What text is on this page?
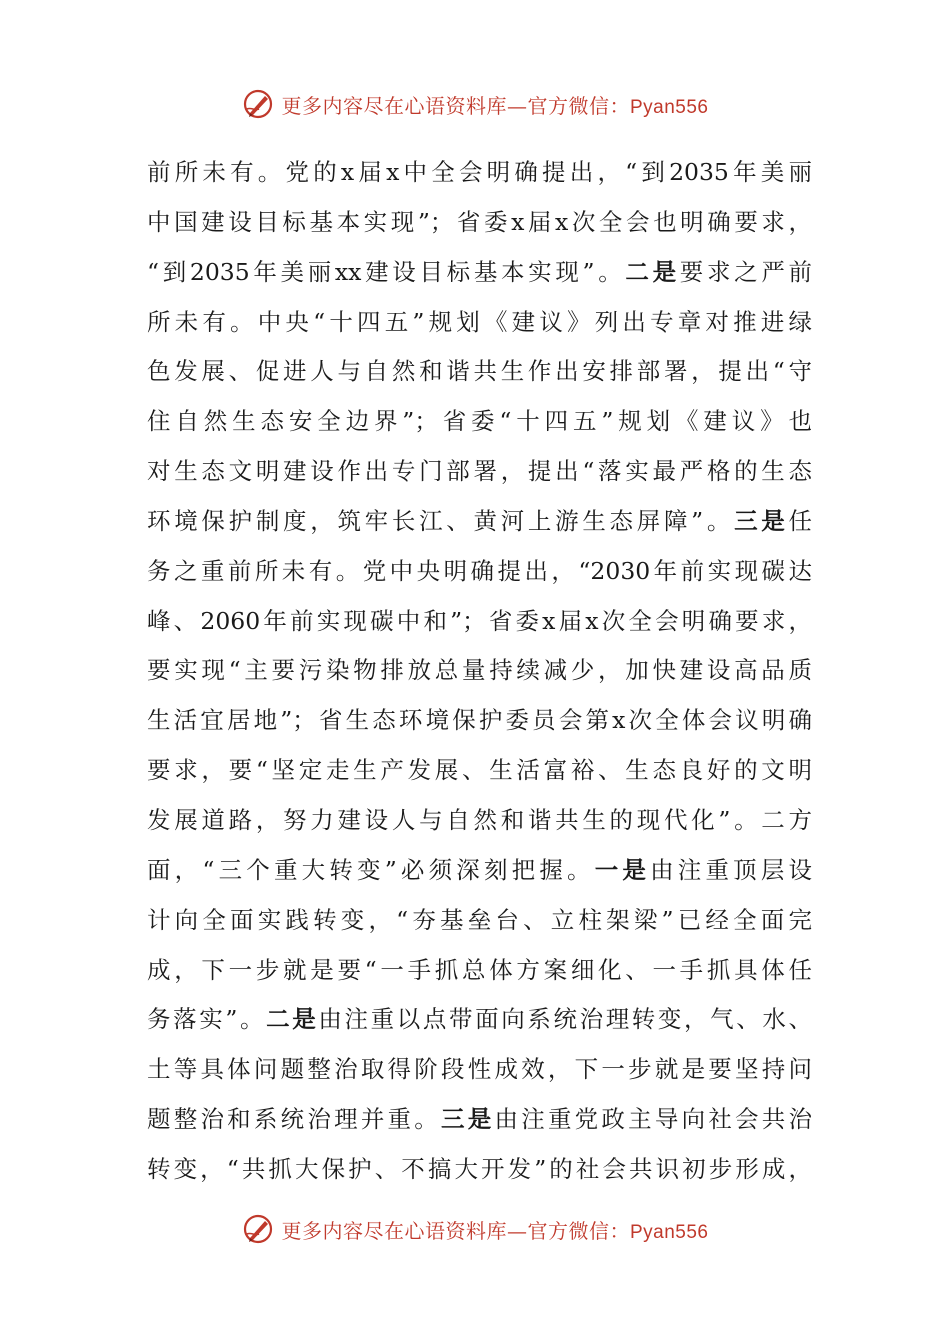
更多内容尽在心语资料库—官方微信：Pyan556
前所未有。党的x届x中全会明确提出，“到2035年美丽
中国建设目标基本实现”；省委x届x次全会也明确要求，
“到2035年美丽xx建设目标基本实现”。二是要求之严前
所未有。中央“十四五”规划《建议》列出专章对推进绿
色发展、促进人与自然和谐共生作出安排部署，提出“守
住自然生态安全边界”；省委“十四五”规划《建议》也
对生态文明建设作出专门部署，提出“落实最严格的生态
环境保护制度，筑牢长江、黄河上游生态屏障”。三是任
务之重前所未有。党中央明确提出，“2030年前实现碳达
峰、2060年前实现碳中和”；省委x届x次全会明确要求，
要实现“主要污染物排放总量持续减少，加快建设高品质
生活宜居地”；省生态环境保护委员会第x次全体会议明确
要求，要“坚定走生产发展、生活富裕、生态良好的文明
发展道路，努力建设人与自然和谐共生的现代化”。二方
面，“三个重大转变”必须深刻把握。一是由注重顶层设
计向全面实践转变，“夯基垒台、立柱架梁”已经全面完
成，下一步就是要“一手抓总体方案细化、一手抓具体任
务落实”。二是由注重以点带面向系统治理转变，气、水、
土等具体问题整治取得阶段性成效，下一步就是要坚持问
题整治和系统治理并重。三是由注重党政主导向社会共治
转变，“共抓大保护、不搞大开发”的社会共识初步形成，
更多内容尽在心语资料库—官方微信：Pyan556
